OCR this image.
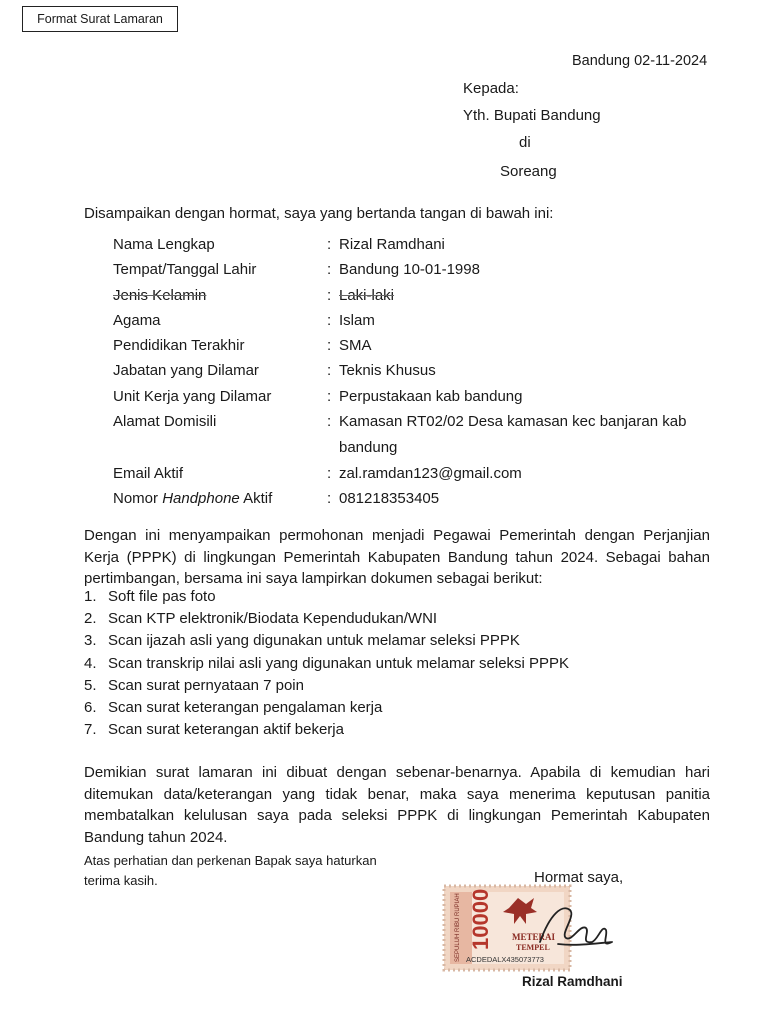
Format Surat Lamaran
Bandung 02-11-2024
Kepada:
Yth. Bupati Bandung
di
Soreang
Disampaikan dengan hormat, saya yang bertanda tangan di bawah ini:
Nama Lengkap	: Rizal Ramdhani
Tempat/Tanggal Lahir	: Bandung 10-01-1998
Jenis Kelamin	: Laki-laki
Agama	: Islam
Pendidikan Terakhir	: SMA
Jabatan yang Dilamar	: Teknis Khusus
Unit Kerja yang Dilamar	: Perpustakaan kab bandung
Alamat Domisili	: Kamasan RT02/02 Desa kamasan kec banjaran kab bandung
Email Aktif	: zal.ramdan123@gmail.com
Nomor Handphone Aktif	: 081218353405
Dengan ini menyampaikan permohonan menjadi Pegawai Pemerintah dengan Perjanjian Kerja (PPPK) di lingkungan Pemerintah Kabupaten Bandung tahun 2024. Sebagai bahan pertimbangan, bersama ini saya lampirkan dokumen sebagai berikut:
1. Soft file pas foto
2. Scan KTP elektronik/Biodata Kependudukan/WNI
3. Scan ijazah asli yang digunakan untuk melamar seleksi PPPK
4. Scan transkrip nilai asli yang digunakan untuk melamar seleksi PPPK
5. Scan surat pernyataan 7 poin
6. Scan surat keterangan pengalaman kerja
7. Scan surat keterangan aktif bekerja
Demikian surat lamaran ini dibuat dengan sebenar-benarnya. Apabila di kemudian hari ditemukan data/keterangan yang tidak benar, maka saya menerima keputusan panitia membatalkan kelulusan saya pada seleksi PPPK di lingkungan Pemerintah Kabupaten Bandung tahun 2024.
Atas perhatian dan perkenan Bapak saya haturkan
terima kasih.	Hormat saya,
SEPULUH RIBU RUPIAH 10000 METERAI
TEMPEL
ACDEDALX435073773
Rizal Ramdhani
